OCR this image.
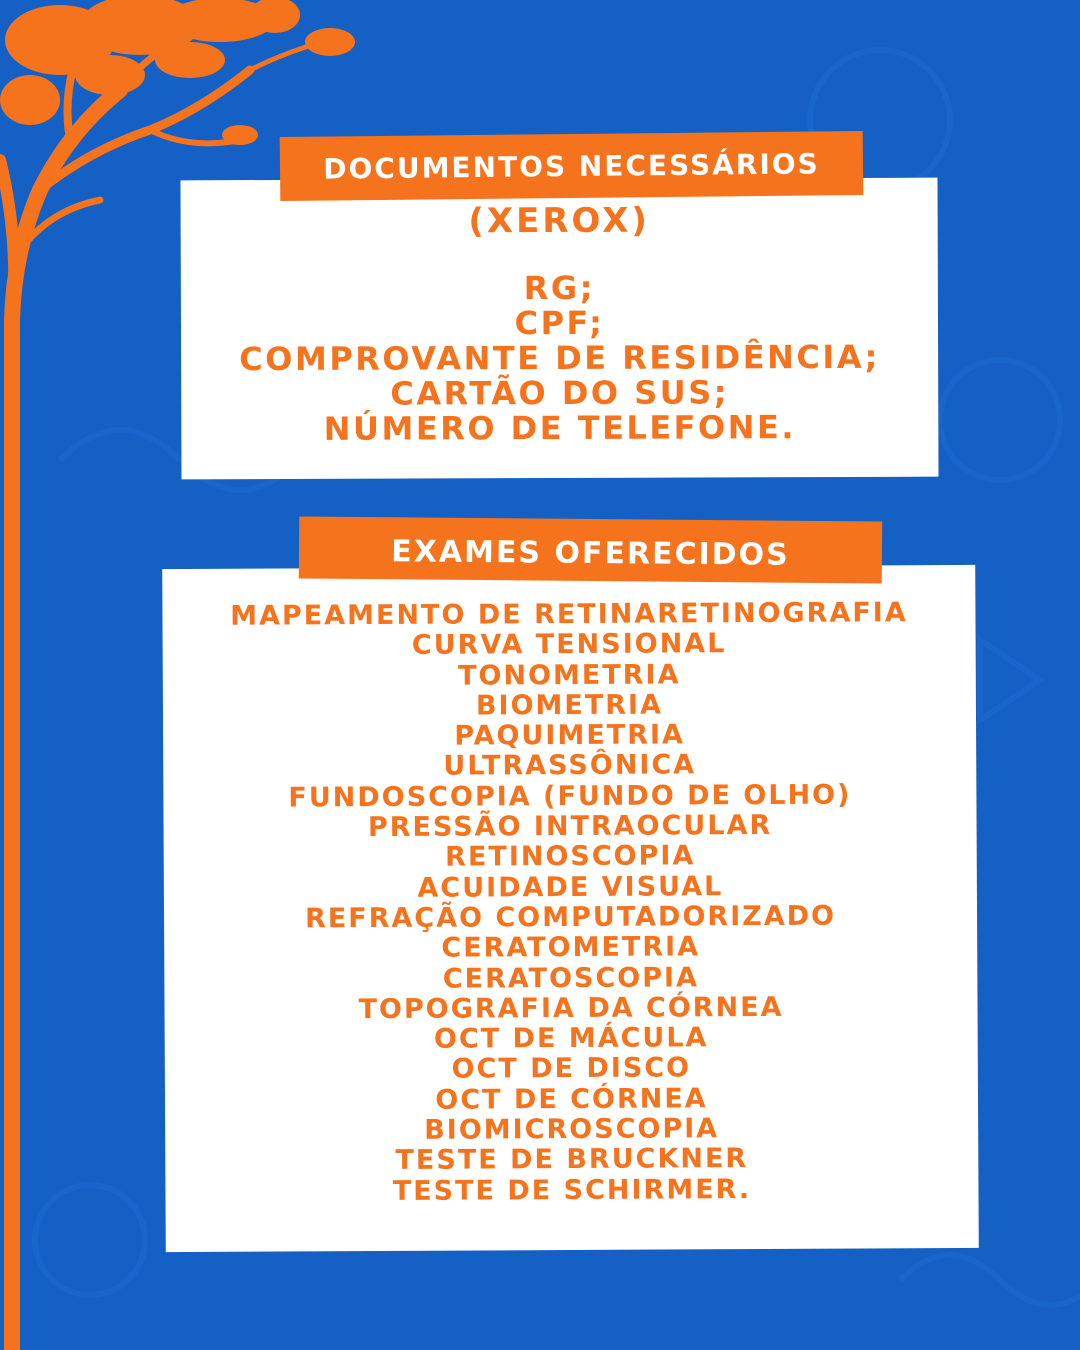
(XEROX)
RG;
CPF;
COMPROVANTE DE RESIDÊNCIA;
CARTÃO DO SUS;
NÚMERO DE TELEFONE.
DOCUMENTOS NECESSÁRIOS
MAPEAMENTO DE RETINARETINOGRAFIA
CURVA TENSIONAL
TONOMETRIA
BIOMETRIA
PAQUIMETRIA
ULTRASSÔNICA
FUNDOSCOPIA (FUNDO DE OLHO)
PRESSÃO INTRAOCULAR
RETINOSCOPIA
ACUIDADE VISUAL
REFRAÇÃO COMPUTADORIZADO
CERATOMETRIA
CERATOSCOPIA
TOPOGRAFIA DA CÓRNEA
OCT DE MÁCULA
OCT DE DISCO
OCT DE CÓRNEA
BIOMICROSCOPIA
TESTE DE BRUCKNER
TESTE DE SCHIRMER.
EXAMES OFERECIDOS
